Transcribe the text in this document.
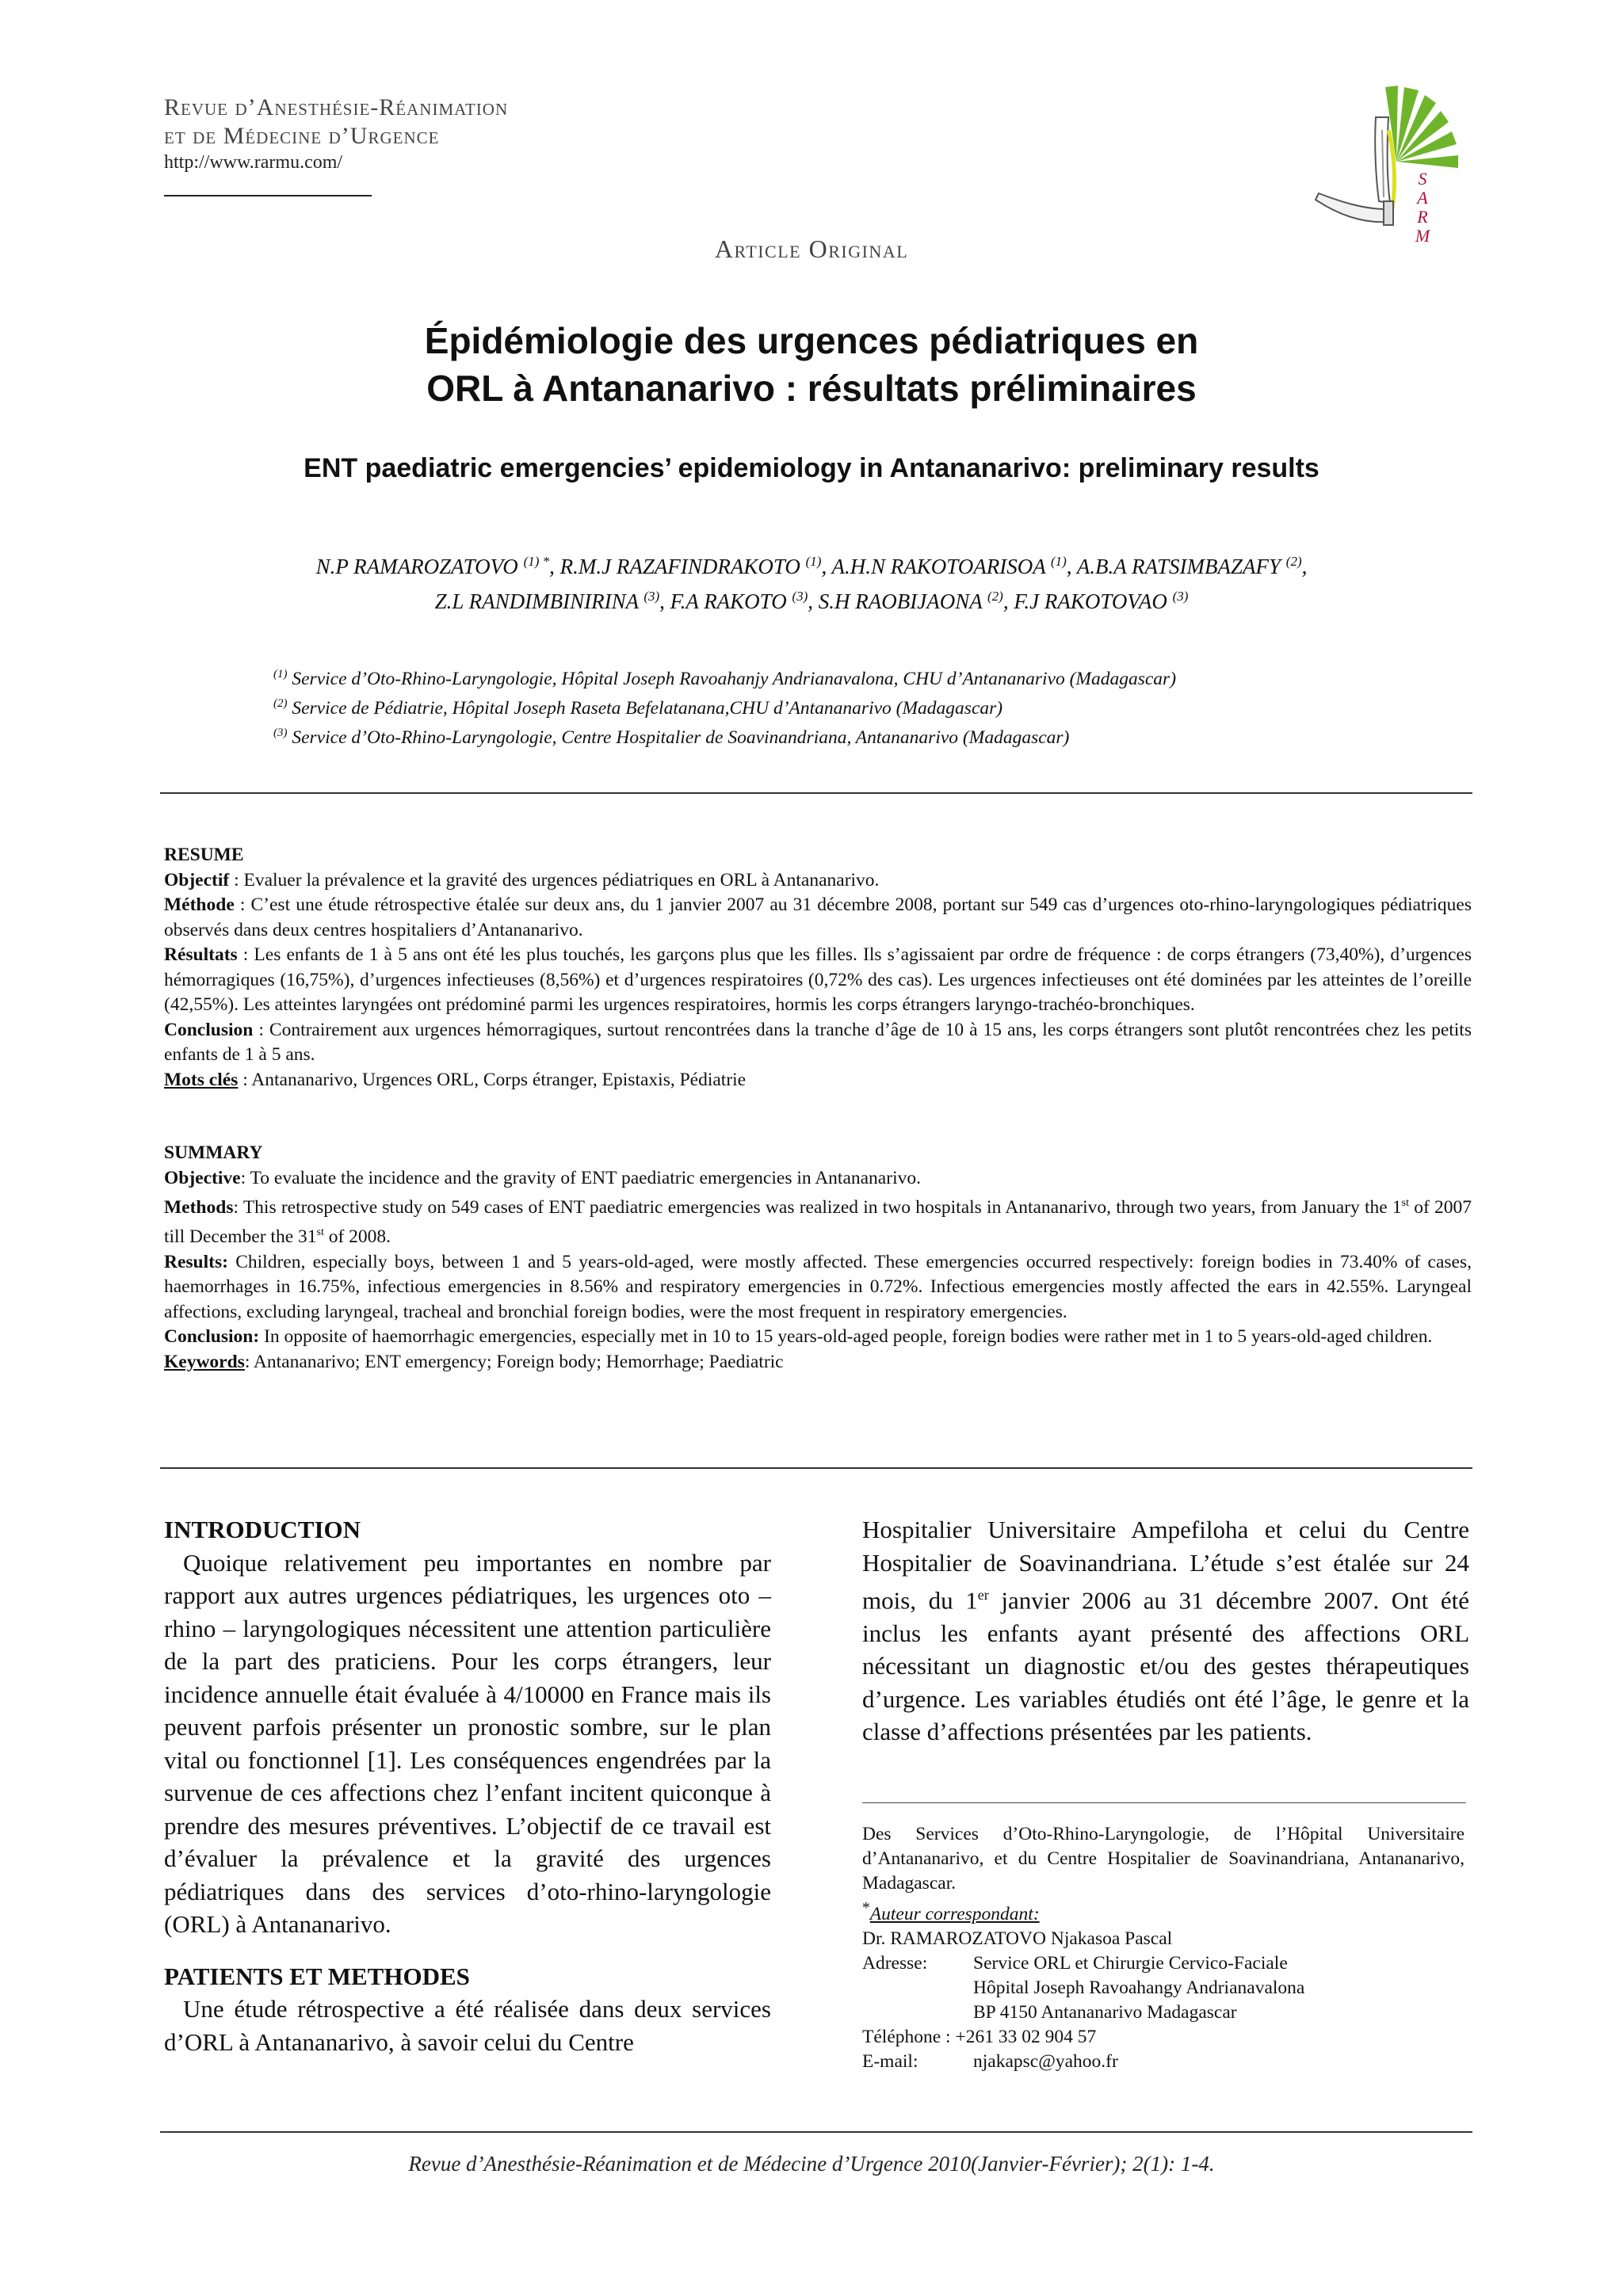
Revue d’Anesthésie-Réanimation
et de Médecine d’Urgence
http://www.rarmu.com/
Article Original
S
A
R
M
Épidémiologie des urgences pédiatriques en
ORL à Antananarivo : résultats préliminaires
ENT paediatric emergencies’ epidemiology in Antananarivo: preliminary results
N.P RAMAROZATOVO $^{(1) *}$, R.M.J RAZAFINDRAKOTO $^{(1)}$, A.H.N RAKOTOARISOA $^{(1)}$, A.B.A RATSIMBAZAFY $^{(2)}$,
Z.L RANDIMBINIRINA $^{(3)}$, F.A RAKOTO $^{(3)}$, S.H RAOBIJAONA $^{(2)}$, F.J RAKOTOVAO $^{(3)}$
$^{(1)}$ Service d’Oto-Rhino-Laryngologie, Hôpital Joseph Ravoahanjy Andrianavalona, CHU d’Antananarivo (Madagascar)
$^{(2)}$ Service de Pédiatrie, Hôpital Joseph Raseta Befelatanana,CHU d’Antananarivo (Madagascar)
$^{(3)}$ Service d’Oto-Rhino-Laryngologie, Centre Hospitalier de Soavinandriana, Antananarivo (Madagascar)

RESUME

Objectif : Evaluer la prévalence et la gravité des urgences pédiatriques en ORL à Antananarivo.

Méthode : C’est une étude rétrospective étalée sur deux ans, du 1 janvier 2007 au 31 décembre 2008, portant sur 549 cas d’urgences oto-rhino-laryngologiques pédiatriques observés dans deux centres hospitaliers d’Antananarivo.

Résultats : Les enfants de 1 à 5 ans ont été les plus touchés, les garçons plus que les filles. Ils s’agissaient par ordre de fréquence : de corps étrangers (73,40%), d’urgences hémorragiques (16,75%), d’urgences infectieuses (8,56%) et d’urgences respiratoires (0,72% des cas). Les urgences infectieuses ont été dominées par les atteintes de l’oreille (42,55%). Les atteintes laryngées ont prédominé parmi les urgences respiratoires, hormis les corps étrangers laryngo-trachéo-bronchiques.

Conclusion : Contrairement aux urgences hémorragiques, surtout rencontrées dans la tranche d’âge de 10 à 15 ans, les corps étrangers sont plutôt rencontrées chez les petits enfants de 1 à 5 ans.

Mots clés : Antananarivo, Urgences ORL, Corps étranger, Epistaxis, Pédiatrie

SUMMARY

Objective: To evaluate the incidence and the gravity of ENT paediatric emergencies in Antananarivo.

Methods: This retrospective study on 549 cases of ENT paediatric emergencies was realized in two hospitals in Antananarivo, through two years, from January the 1st of 2007 till December the 31st of 2008.

Results: Children, especially boys, between 1 and 5 years-old-aged, were mostly affected. These emergencies occurred respectively: foreign bodies in 73.40% of cases, haemorrhages in 16.75%, infectious emergencies in 8.56% and respiratory emergencies in 0.72%. Infectious emergencies mostly affected the ears in 42.55%. Laryngeal affections, excluding laryngeal, tracheal and bronchial foreign bodies, were the most frequent in respiratory emergencies.

Conclusion: In opposite of haemorrhagic emergencies, especially met in 10 to 15 years-old-aged people, foreign bodies were rather met in 1 to 5 years-old-aged children.

Keywords: Antananarivo; ENT emergency; Foreign body; Hemorrhage; Paediatric

INTRODUCTION

Quoique relativement peu importantes en nombre par rapport aux autres urgences pédiatriques, les urgences oto – rhino – laryngologiques nécessitent une attention particulière de la part des praticiens. Pour les corps étrangers, leur incidence annuelle était évaluée à 4/10000 en France mais ils peuvent parfois présenter un pronostic sombre, sur le plan vital ou fonctionnel [1]. Les conséquences engendrées par la survenue de ces affections chez l’enfant incitent quiconque à prendre des mesures préventives. L’objectif de ce travail est d’évaluer la prévalence et la gravité des urgences pédiatriques dans des services d’oto-rhino-laryngologie (ORL) à Antananarivo.

PATIENTS ET METHODES

Une étude rétrospective a été réalisée dans deux services d’ORL à Antananarivo, à savoir celui du Centre

Hospitalier Universitaire Ampefiloha et celui du Centre Hospitalier de Soavinandriana. L’étude s’est étalée sur 24 mois, du 1er janvier 2006 au 31 décembre 2007. Ont été inclus les enfants ayant présenté des affections ORL nécessitant un diagnostic et/ou des gestes thérapeutiques d’urgence. Les variables étudiés ont été l’âge, le genre et la classe d’affections présentées par les patients.

Des Services d’Oto-Rhino-Laryngologie, de l’Hôpital Universitaire d’Antananarivo, et du Centre Hospitalier de Soavinandriana, Antananarivo, Madagascar.
*Auteur correspondant:
Dr. RAMAROZATOVO Njakasoa Pascal
Adresse:	Service ORL et Chirurgie Cervico-Faciale
Hôpital Joseph Ravoahangy Andrianavalona
BP 4150 Antananarivo Madagascar
Téléphone :
+261 33 02 904 57
E-mail:	njakapsc@yahoo.fr
Revue d’Anesthésie-Réanimation et de Médecine d’Urgence 2010(Janvier-Février); 2(1): 1-4.
